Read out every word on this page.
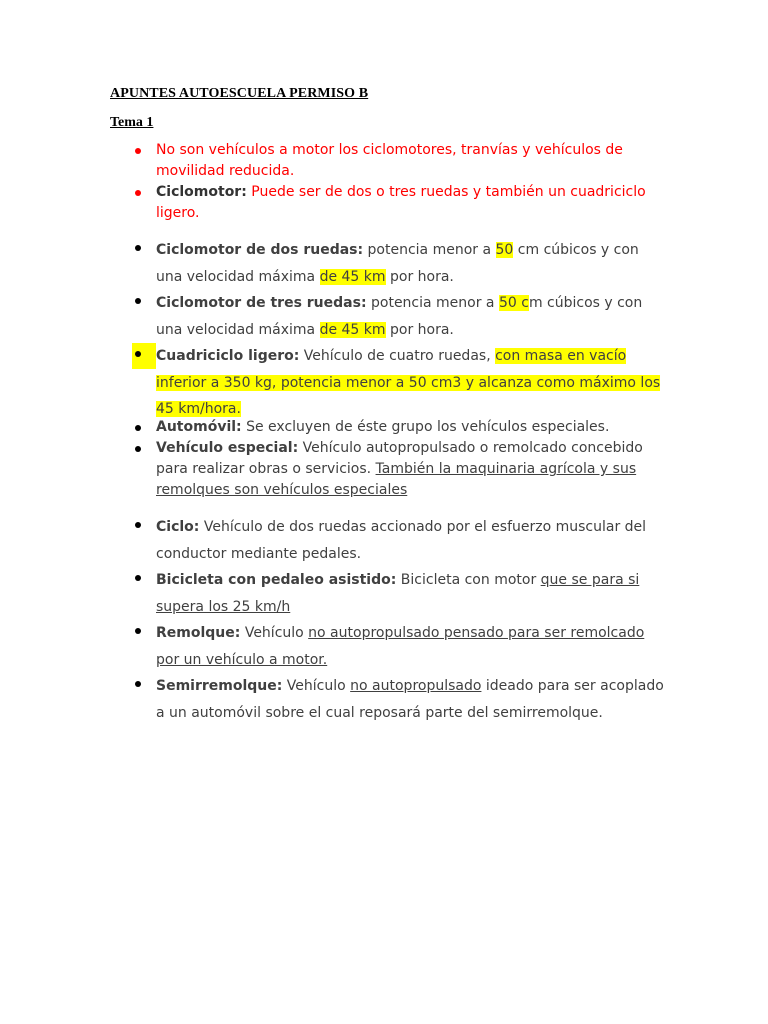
APUNTES AUTOESCUELA PERMISO B
Tema 1
No son vehículos a motor los ciclomotores, tranvías y vehículos de movilidad reducida.
Ciclomotor: Puede ser de dos o tres ruedas y también un cuadriciclo ligero.
Ciclomotor de dos ruedas: potencia menor a 50 cm cúbicos y con una velocidad máxima de 45 km por hora.
Ciclomotor de tres ruedas: potencia menor a 50 cm cúbicos y con una velocidad máxima de 45 km por hora.
Cuadriciclo ligero: Vehículo de cuatro ruedas, con masa en vacío inferior a 350 kg, potencia menor a 50 cm3 y alcanza como máximo los 45 km/hora.
Automóvil: Se excluyen de éste grupo los vehículos especiales.
Vehículo especial: Vehículo autopropulsado o remolcado concebido para realizar obras o servicios. También la maquinaria agrícola y sus remolques son vehículos especiales
Ciclo: Vehículo de dos ruedas accionado por el esfuerzo muscular del conductor mediante pedales.
Bicicleta con pedaleo asistido: Bicicleta con motor que se para si supera los 25 km/h
Remolque: Vehículo no autopropulsado pensado para ser remolcado por un vehículo a motor.
Semirremolque: Vehículo no autopropulsado ideado para ser acoplado a un automóvil sobre el cual reposará parte del semirremolque.
